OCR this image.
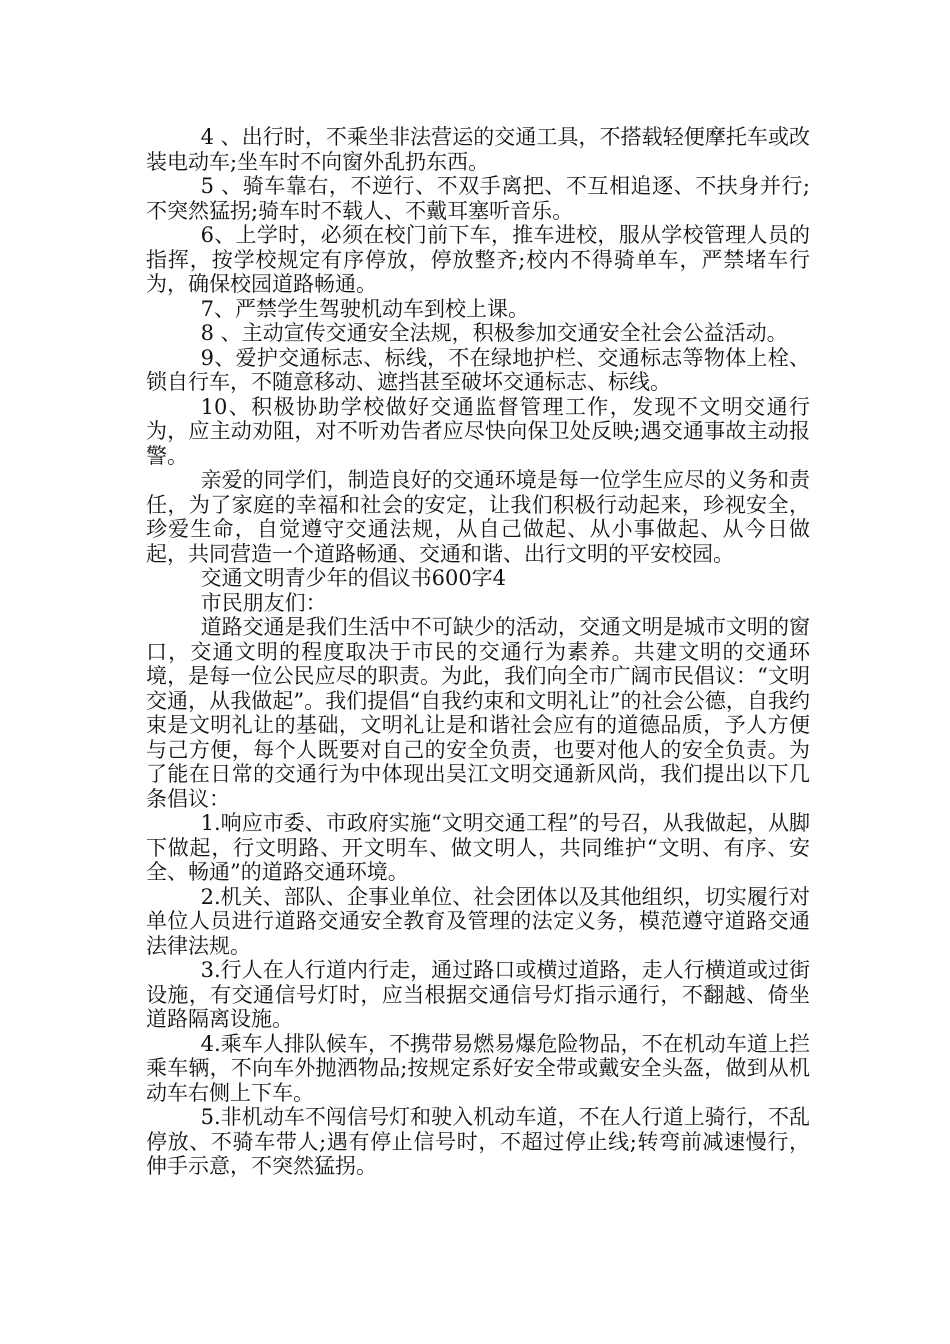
4 、出行时，不乘坐非法营运的交通工具，不搭载轻便摩托车或改装电动车;坐车时不向窗外乱扔东西。

5 、骑车靠右，不逆行、不双手离把、不互相追逐、不扶身并行;不突然猛拐;骑车时不载人、不戴耳塞听音乐。

6、上学时，必须在校门前下车，推车进校，服从学校管理人员的指挥，按学校规定有序停放，停放整齐;校内不得骑单车，严禁堵车行为，确保校园道路畅通。

7、严禁学生驾驶机动车到校上课。

8 、主动宣传交通安全法规，积极参加交通安全社会公益活动。

9、爱护交通标志、标线，不在绿地护栏、交通标志等物体上栓、锁自行车，不随意移动、遮挡甚至破坏交通标志、标线。

10、积极协助学校做好交通监督管理工作，发现不文明交通行为，应主动劝阻，对不听劝告者应尽快向保卫处反映;遇交通事故主动报警。

亲爱的同学们，制造良好的交通环境是每一位学生应尽的义务和责任，为了家庭的幸福和社会的安定，让我们积极行动起来，珍视安全，珍爱生命，自觉遵守交通法规，从自己做起、从小事做起、从今日做起，共同营造一个道路畅通、交通和谐、出行文明的平安校园。

交通文明青少年的倡议书600字4

市民朋友们：

道路交通是我们生活中不可缺少的活动，交通文明是城市文明的窗口，交通文明的程度取决于市民的交通行为素养。共建文明的交通环境，是每一位公民应尽的职责。为此，我们向全市广阔市民倡议：“文明交通，从我做起”。我们提倡“自我约束和文明礼让”的社会公德，自我约束是文明礼让的基础，文明礼让是和谐社会应有的道德品质，予人方便与己方便，每个人既要对自己的安全负责，也要对他人的安全负责。为了能在日常的交通行为中体现出吴江文明交通新风尚，我们提出以下几条倡议：

1.响应市委、市政府实施“文明交通工程”的号召，从我做起，从脚下做起，行文明路、开文明车、做文明人，共同维护“文明、有序、安全、畅通”的道路交通环境。

2.机关、部队、企事业单位、社会团体以及其他组织，切实履行对单位人员进行道路交通安全教育及管理的法定义务，模范遵守道路交通法律法规。

3.行人在人行道内行走，通过路口或横过道路，走人行横道或过街设施，有交通信号灯时，应当根据交通信号灯指示通行，不翻越、倚坐道路隔离设施。

4.乘车人排队候车，不携带易燃易爆危险物品，不在机动车道上拦乘车辆，不向车外抛洒物品;按规定系好安全带或戴安全头盔，做到从机动车右侧上下车。

5.非机动车不闯信号灯和驶入机动车道，不在人行道上骑行，不乱停放、不骑车带人;遇有停止信号时，不超过停止线;转弯前减速慢行，伸手示意，不突然猛拐。
